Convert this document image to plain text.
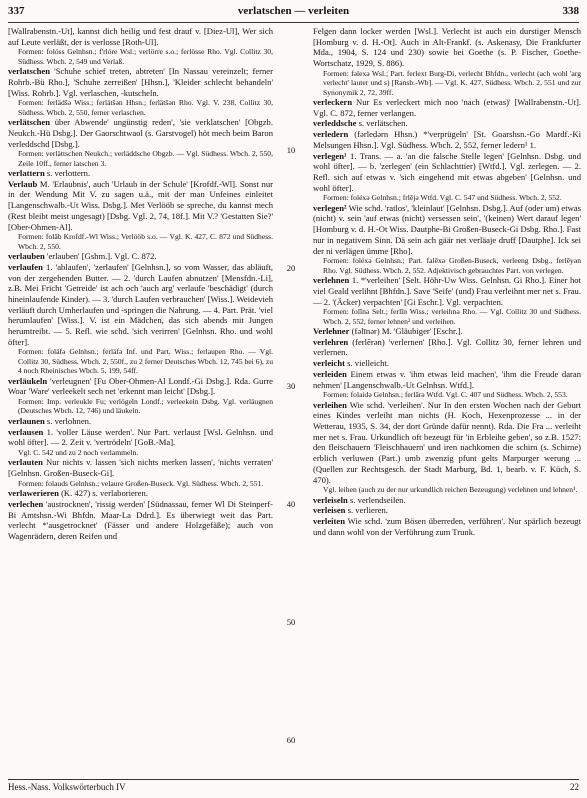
337	verlatschen — verleiten	338

[Wallrabenstn.-Ut], kannst dich heilig und fest drauf v. [Diez-Ul], Wer sich auf Leute verläßt, der is verlosse [Roth-Ul].

Formen: folóss Gelnhsn.; f'rlóre Wsl.; verlörre s.o.; ferlösse Rho. Vgl. Collitz 30, Südhess. Wbch. 2, 549 und Verlaß.

verlatschen 'Schuhe schief treten, abtreten' [In Nassau vereinzelt; ferner Rohrb.-Bü Rho.], 'Schuhe zerreißen' [Hhsn.], 'Kleider schlecht behandeln' [Wiss. Rohrb.]. Vgl. verlaschen, -kutscheln.

Formen: ferlädšə Wiss.; ferlätšən Hhsn.; ferlätšən Rho. Vgl. V. 238, Collitz 30, Südhess. Wbch. 2, 550, ferner verlaschen.

verlätschen über Abwende' ungünstig reden', 'sie verklatschen' [Obgzb. Neukch.-Hü Dsbg.]. Der Gaorschtwaol (s. Garstvogel) höt mech beim Baron verleddschd [Dsbg.].

Formen: verlättschen Neukch.; verläddsche Obgzb. — Vgl. Südhess. Wbch. 2, 550, Zeile 10ff., ferner latschen 3.

verlattern s. verlottern.

Verlaub M. 'Erlaubnis', auch 'Urlaub in der Schule' [Krofdf.-Wl]. Sonst nur in der Wendung Mit V. zu sagen u.ä., mit der man Unfeines einleitet [Langenschwalb.-Ut Wiss. Dsbg.]. Met Verlööb se spreche, du kannst mech (Rest bleibt meist ungesagt) [Dsbg. Vgl. 2, 74, 18f.]. Mit V.? 'Gestatten Sie?' [Ober-Ohmen-Al].

Formen: folāb Krofdf.-Wl Wiss.; Verlööb s.o. — Vgl. K. 427, C. 872 und Südhess. Wbch. 2, 550.

verlauben 'erlauben' [Gshm.]. Vgl. C. 872.

verlaufen 1. 'ablaufen', 'zerlaufen' [Gelnhsn.], so vom Wasser, das abläuft, von der zergehenden Butter. — 2. 'durch Laufen abnutzen' [Mensfdn.-Li], z.B. Mei Fricht 'Getreide' ist ach och 'auch arg' verlaufe 'beschädigt' (durch hineinlaufende Kinder). — 3. 'durch Laufen verbrauchen' [Wiss.]. Weidevieh verläuft durch Umherlaufen und -springen die Nahrung. — 4. Part. Prät. 'viel herumlaufen' [Wiss.]. V. ist ein Mädchen, das sich abends mit Jungen herumtreibt. — 5. Refl. wie schd. 'sich verirren' [Gelnhsn. Rho. und wohl öfter].

Formen: foläfə Gelnhsn.; ferläfə Inf. und Part. Wiss.; ferlaupen Rho. — Vgl. Collitz 30, Südhess. Wbch. 2, 550f., zu 2 ferner Deutsches Wbch. 12, 745 bei 6), zu 4 noch Rheinisches Wbch. 5, 199, 54ff.

verläukeln 'verleugnen' [Fu Ober-Ohmen-Al Londf.-Gi Dsbg.]. Rda. Gurre Woar 'Ware' verleekelt sech net 'erkennt man leicht' [Dsbg.].

Formen: Imp. verleukle Fu; verlögeln Londf.; verleekeln Dsbg. Vgl. verläugnen (Deutsches Wbch. 12, 746) und läukeln.

verlaunen s. verlohnen.

verlausen 1. 'voller Läuse werden'. Nur Part. verlaust [Wsl. Gelnhsn. und wohl öfter]. — 2. Zeit v. 'vertrödeln' [GoB.-Ma].

Vgl. C. 542 und zu 2 noch verlammeln.

verlauten Nur nichts v. lassen 'sich nichts merken lassen', 'nichts verraten' [Gelnhsn. Großen-Buseck-Gi].

Formen: folauds Gelnhsn.; velaure Großen-Buseck. Vgl. Südhess. Wbch. 2, 551.

verlawerieren (K. 427) s. verlaborieren.

verlechen 'austrocknen', 'rissig werden' [Südnassau, ferner Wl Di Steinperf-Bi Amtshsn.-Wi Bhfdn. Maar-La Ddrd.]. Es überwiegt weit das Part. verlecht *'ausgetrocknet' (Fässer und andere Holzgefäße); auch von Wagenrädern, deren Reifen und

Felgen dann locker werden [Wsl.]. Verlecht ist auch ein durstiger Mensch [Homburg v. d. H.-Ot]. Auch in Alt-Frankf. (s. Askenasy, Die Frankfurter Mda., 1904, S. 124 und 230) sowie bei Goethe (s. P. Fischer, Goethe-Wortschatz, 1929, S. 886).

Formen: fəlexə Wsl.; Part. ferlext Burg-Di, verlecht Bhfdn., verlecht (ach wohl 'arg verlecht' lauter und s) [Ransb.-Wb]. — Vgl. K. 427, Südhess. Wbch. 2, 551 und zur Synonymik 2, 72, 39ff.

verleckern Nur Es verleckert mich noo 'nach (etwas)' [Wallrabenstn.-Ut]. Vgl. C. 872, ferner verlangen.

verleddsche s. verlätschen.

verledern (fərleḍərn Hhsn.) *'verprügeln' [St. Goarshsn.-Go Mardf.-Ki Melsungen Hhsn.]. Vgl. Südhess. Wbch. 2, 552, ferner ledern¹ 1.

verlegen¹ 1. Trans. — a. 'an die falsche Stelle legen' [Gelnhsn. Dsbg. und wohl öfter]. — b. 'zerlegen' (ein Schlachttier) [Wtfd.]. Vgl. zerlegen. — 2. Refl. sich auf etwas v. 'sich eingehend mit etwas abgeben' [Gelnhsn. und wohl öfter].

Formen: foléxə Gelnhsn.; frlējə Wtfd. Vgl. C. 547 und Südhess. Wbch. 2, 552.

verlegen² Wie schd. 'ratlos', 'kleinlaut' [Gelnhsn. Dsbg.]. Auf (oder um) etwas (nicht) v. sein 'auf etwas (nicht) versessen sein', '(keinen) Wert darauf legen' [Homburg v. d. H.-Ot Wiss. Dautphe-Bi Großen-Buseck-Gi Dsbg. Rho.]. Fast nur in negativem Sinn. Dä sein ach gäär net verläaje druff [Dautphe]. Ick sei der ni verlägen ümme [Rho].

Formen: foléxə Gelnhsn.; Part. falēxə Großen-Buseck, verleeng Dsbg., ferlēyən Rho. Vgl. Südhess. Wbch. 2, 552. Adjektivisch gebrauchtes Part. von verlegen.

verlehnen 1. *'verleihen' [Selt. Höhr-Uw Wiss. Gelnhsn. Gi Rho.]. Einer hot viel Geald verlihnt [Bhfdn.]. Save 'Seife' (und) Frau verleihnt mer net s. Frau. — 2. '(Äcker) verpachten' [Gi Eschr.]. Vgl. verpachten.

Formen: folīnə Selt.; ferlīn Wiss.; verleihnə Rho. — Vgl. Collitz 30 und Südhess. Wbch. 2, 552, ferner lehnen² und verleihen.

Verlehner (fəlīnər) M. 'Gläubiger' [Eschr.].

verlehren (ferlērən) 'verlernen' [Rho.]. Vgl. Collitz 30, ferner lehren und verlernen.

verleicht s. vielleicht.

verleiden Einem etwas v. 'ihm etwas leid machen', 'ihm die Freude daran nehmen' [Langenschwalb.-Ut Gelnhsn. Wtfd.].

Formen: folaidə Gelnhsn.; ferlārə Wtfd. Vgl. C. 407 und Südhess. Wbch. 2, 553.

verleihen Wie schd. 'verleihen'. Nur In den ersten Wochen nach der Geburt eines Kindes verleiht man nichts (H. Koch, Hexenprozesse ... in der Wetterau, 1935, S. 34, der dort Gründe dafür nennt). Rda. Die Fra ... verleiht mer net s. Frau. Urkundlich oft bezeugt für 'in Erbleihe geben', so z.B. 1527: den fleischauern 'Fleischhauern' und iren nachkomen die schirn (s. Schirne) erblich verluwen (Part.) umb zwenzig pfunt gelts Marpurger werung ... (Quellen zur Rechtsgesch. der Stadt Marburg, Bd. 1, bearb. v. F. Küch, S. 470).

Vgl. leihen (auch zu der nur urkundlich reichen Bezeugung) verlehnen und lehnen¹.

verleiseln s. verlendseilen.

verleisen s. verlieren.

verleiten Wie schd. 'zum Bösen überreden, verführen'. Nur spärlich bezeugt und dann wohl von der Verführung zum Trunk.

10
20
30
40
50
60
Hess.-Nass. Volkswörterbuch IV	22
